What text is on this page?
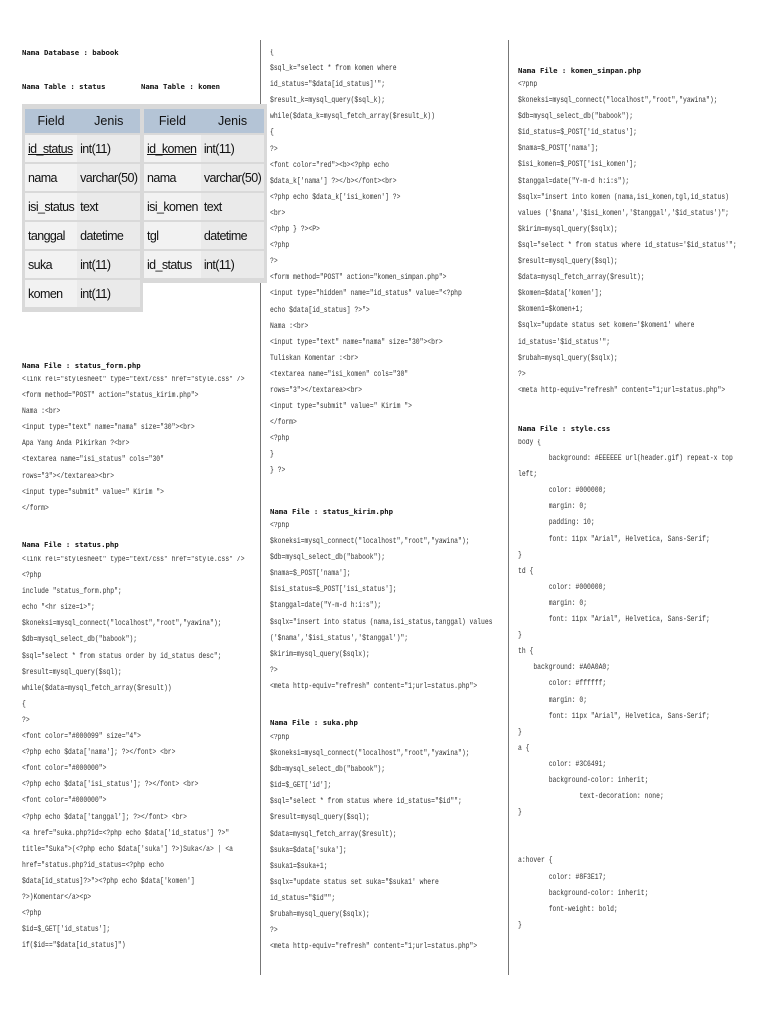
Nama Database : babook
Nama Table : status
Field	Jenis
id_status	int(11)
nama	varchar(50)
isi_status	text
tanggal	datetime
suka	int(11)
komen	int(11)
Nama Table : komen
Field	Jenis
id_komen	int(11)
nama	varchar(50)
isi_komen	text
tgl	datetime
id_status	int(11)
Nama File : status_form.php
<link rel="stylesheet" type="text/css" href="style.css" />
<form method="POST" action="status_kirim.php">
Nama :<br>
<input type="text" name="nama" size="30"><br>
Apa Yang Anda Pikirkan ?<br>
<textarea name="isi_status" cols="30"
rows="3"></textarea><br>
<input type="submit" value=" Kirim ">
</form>
Nama File : status.php
<link rel="stylesheet" type="text/css" href="style.css" />
<?php
include "status_form.php";
echo "<hr size=1>";
$koneksi=mysql_connect("localhost","root","yawina");
$db=mysql_select_db("babook");
$sql="select * from status order by id_status desc";
$result=mysql_query($sql);
while($data=mysql_fetch_array($result))
{
?>
<font color="#000099" size="4">
<?php echo $data['nama']; ?></font> <br>
<font color="#000000">
<?php echo $data['isi_status']; ?></font> <br>
<font color="#000000">
<?php echo $data['tanggal']; ?></font> <br>
<a href="suka.php?id=<?php echo $data['id_status'] ?>"
title="Suka">(<?php echo $data['suka'] ?>)Suka</a> | <a
href="status.php?id_status=<?php echo
$data[id_status]?>"><?php echo $data['komen']
?>)Komentar</a><p>
<?php
$id=$_GET['id_status'];
if($id=="$data[id_status]")
{
$sql_k="select * from komen where
id_status="$data[id_status]'";
$result_k=mysql_query($sql_k);
while($data_k=mysql_fetch_array($result_k))
{
?>
<font color="red"><b><?php echo
$data_k['nama'] ?></b></font><br>
<?php echo $data_k['isi_komen'] ?>
<br>
<?php } ?><P>
<?php
?>
<form method="POST" action="komen_simpan.php">
<input type="hidden" name="id_status" value="<?php
echo $data[id_status] ?>">
Nama :<br>
<input type="text" name="nama" size="30"><br>
Tuliskan Komentar :<br>
<textarea name="isi_komen" cols="30"
rows="3"></textarea><br>
<input type="submit" value=" Kirim ">
</form>
<?php
}
} ?>
Nama File : status_kirim.php
<?php
$koneksi=mysql_connect("localhost","root","yawina");
$db=mysql_select_db("babook");
$nama=$_POST['nama'];
$isi_status=$_POST['isi_status'];
$tanggal=date("Y-m-d h:i:s");
$sqlx="insert into status (nama,isi_status,tanggal) values
('$nama','$isi_status','$tanggal')";
$kirim=mysql_query($sqlx);
?>
<meta http-equiv="refresh" content="1;url=status.php">
Nama File : suka.php
<?php
$koneksi=mysql_connect("localhost","root","yawina");
$db=mysql_select_db("babook");
$id=$_GET['id'];
$sql="select * from status where id_status="$id"";
$result=mysql_query($sql);
$data=mysql_fetch_array($result);
$suka=$data['suka'];
$suka1=$suka+1;
$sqlx="update status set suka="$suka1' where
id_status="$id"";
$rubah=mysql_query($sqlx);
?>
<meta http-equiv="refresh" content="1;url=status.php">
Nama File : komen_simpan.php
<?php
$koneksi=mysql_connect("localhost","root","yawina");
$db=mysql_select_db("babook");
$id_status=$_POST['id_status'];
$nama=$_POST['nama'];
$isi_komen=$_POST['isi_komen'];
$tanggal=date("Y-m-d h:i:s");
$sqlx="insert into komen (nama,isi_komen,tgl,id_status)
values ('$nama','$isi_komen','$tanggal','$id_status')";
$kirim=mysql_query($sqlx);
$sql="select * from status where id_status='$id_status'";
$result=mysql_query($sql);
$data=mysql_fetch_array($result);
$komen=$data['komen'];
$komen1=$komen+1;
$sqlx="update status set komen='$komen1' where
id_status='$id_status'";
$rubah=mysql_query($sqlx);
?>
<meta http-equiv="refresh" content="1;url=status.php">
Nama File : style.css
body {
background: #EEEEEE url(header.gif) repeat-x top
left;
color: #000000;
margin: 0;
padding: 10;
font: 11px "Arial", Helvetica, Sans-Serif;
}
td {
color: #000000;
margin: 0;
font: 11px "Arial", Helvetica, Sans-Serif;
}
th {
background: #A0A0A0;
color: #ffffff;
margin: 0;
font: 11px "Arial", Helvetica, Sans-Serif;
}
a {
color: #3C6491;
background-color: inherit;
text-decoration: none;
}

a:hover {
color: #8F3E17;
background-color: inherit;
font-weight: bold;
}
